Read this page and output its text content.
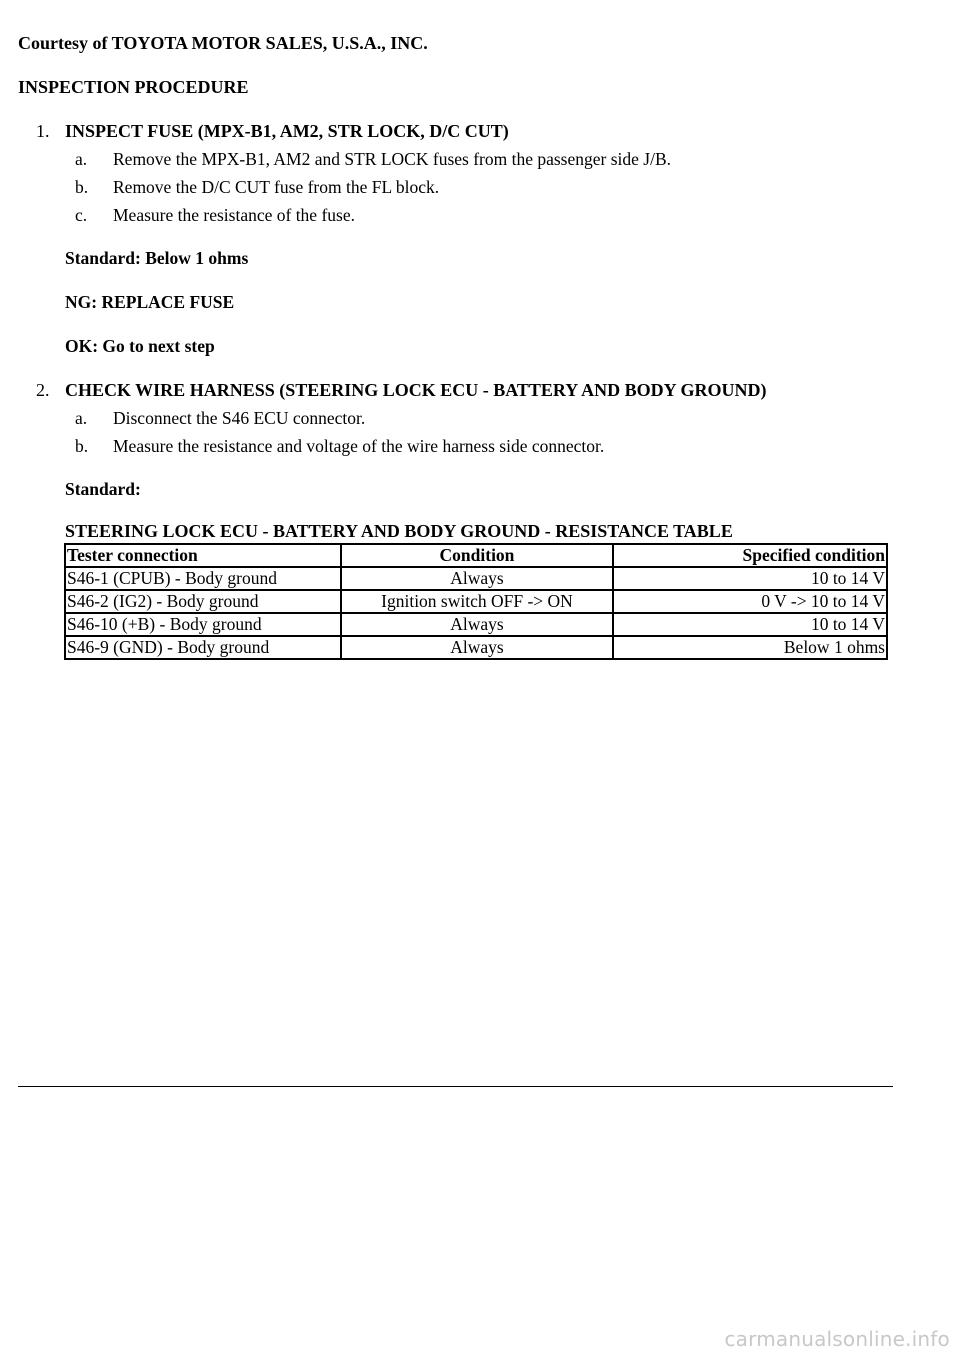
Courtesy of TOYOTA MOTOR SALES, U.S.A., INC.
INSPECTION PROCEDURE
1. INSPECT FUSE (MPX-B1, AM2, STR LOCK, D/C CUT)
a.	Remove the MPX-B1, AM2 and STR LOCK fuses from the passenger side J/B.
b.	Remove the D/C CUT fuse from the FL block.
c.	Measure the resistance of the fuse.
Standard: Below 1 ohms
NG: REPLACE FUSE
OK: Go to next step
2. CHECK WIRE HARNESS (STEERING LOCK ECU - BATTERY AND BODY GROUND)
a.	Disconnect the S46 ECU connector.
b.	Measure the resistance and voltage of the wire harness side connector.
Standard:
STEERING LOCK ECU - BATTERY AND BODY GROUND - RESISTANCE TABLE
Tester connection	Condition	Specified condition
S46-1 (CPUB) - Body ground	Always	10 to 14 V
S46-2 (IG2) - Body ground	Ignition switch OFF -> ON	0 V -> 10 to 14 V
S46-10 (+B) - Body ground	Always	10 to 14 V
S46-9 (GND) - Body ground	Always	Below 1 ohms
carmanualsonline.info
